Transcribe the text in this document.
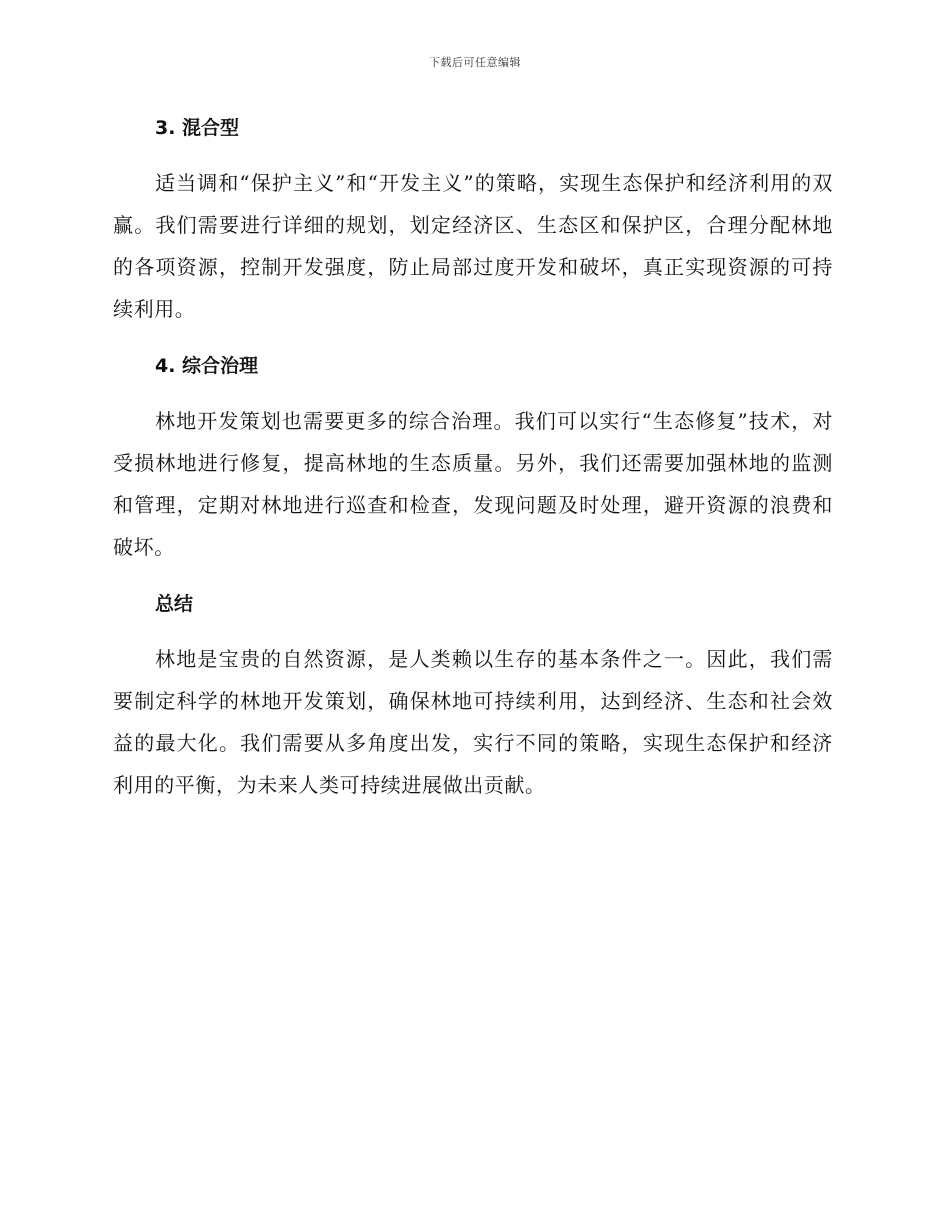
下载后可任意编辑
3. 混合型

适当调和“保护主义”和“开发主义”的策略，实现生态保护和经济利用的双赢。我们需要进行详细的规划，划定经济区、生态区和保护区，合理分配林地的各项资源，控制开发强度，防止局部过度开发和破坏，真正实现资源的可持续利用。

4. 综合治理

林地开发策划也需要更多的综合治理。我们可以实行“生态修复”技术，对受损林地进行修复，提高林地的生态质量。另外，我们还需要加强林地的监测和管理，定期对林地进行巡查和检查，发现问题及时处理，避开资源的浪费和破坏。

总结

林地是宝贵的自然资源，是人类赖以生存的基本条件之一。因此，我们需要制定科学的林地开发策划，确保林地可持续利用，达到经济、生态和社会效益的最大化。我们需要从多角度出发，实行不同的策略，实现生态保护和经济利用的平衡，为未来人类可持续进展做出贡献。
